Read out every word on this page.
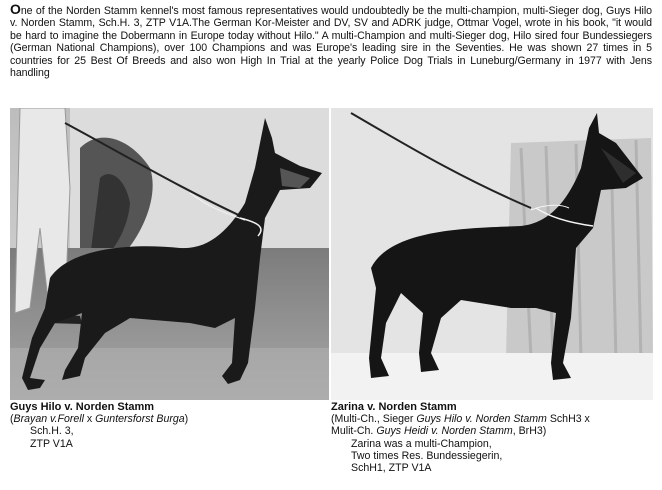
One of the Norden Stamm kennel's most famous representatives would undoubtedly be the multi-champion, multi-Sieger dog, Guys Hilo v. Norden Stamm, Sch.H. 3, ZTP V1A.The German Kor-Meister and DV, SV and ADRK judge, Ottmar Vogel, wrote in his book, "it would be hard to imagine the Dobermann in Europe today without Hilo." A multi-Champion and multi-Sieger dog, Hilo sired four Bundessiegers (German National Champions), over 100 Champions and was Europe's leading sire in the Seventies. He was shown 27 times in 5 countries for 25 Best Of Breeds and also won High In Trial at the yearly Police Dog Trials in Luneburg/Germany in 1977 with Jens handling
Guys Hilo v. Norden Stamm
(Brayan v.Forell x Guntersforst Burga)
Sch.H. 3,
ZTP V1A
Zarina v. Norden Stamm
(Multi-Ch., Sieger Guys Hilo v. Norden Stamm SchH3 x
Mulit-Ch. Guys Heidi v. Norden Stamm, BrH3)
Zarina was a multi-Champion,
Two times Res. Bundessiegerin,
SchH1, ZTP V1A
